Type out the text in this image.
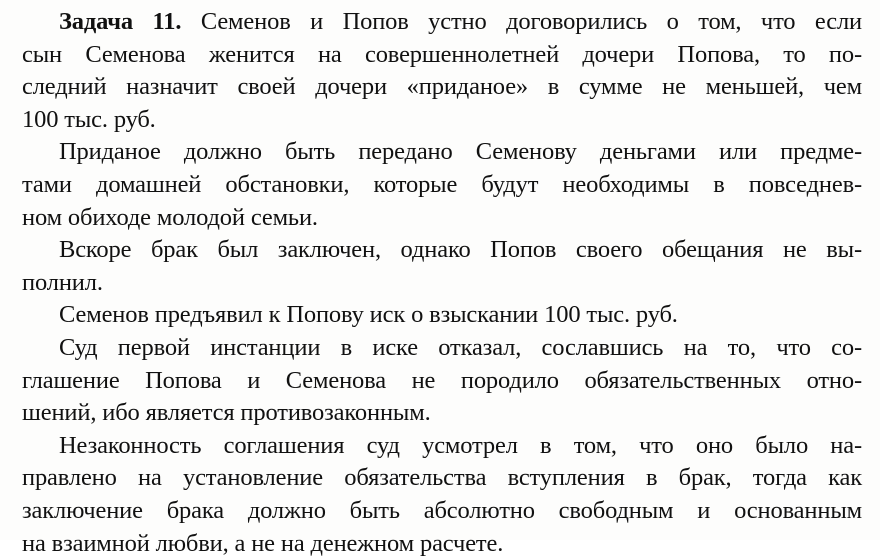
Задача 11. Семенов и Попов устно договорились о том, что если
сын Семенова женится на совершеннолетней дочери Попова, то по-
следний назначит своей дочери «приданое» в сумме не меньшей, чем
100 тыс. руб.
Приданое должно быть передано Семенову деньгами или предме-
тами домашней обстановки, которые будут необходимы в повседнев-
ном обиходе молодой семьи.
Вскоре брак был заключен, однако Попов своего обещания не вы-
полнил.
Семенов предъявил к Попову иск о взыскании 100 тыс. руб.
Суд первой инстанции в иске отказал, сославшись на то, что со-
глашение Попова и Семенова не породило обязательственных отно-
шений, ибо является противозаконным.
Незаконность соглашения суд усмотрел в том, что оно было на-
правлено на установление обязательства вступления в брак, тогда как
заключение брака должно быть абсолютно свободным и основанным
на взаимной любви, а не на денежном расчете.
